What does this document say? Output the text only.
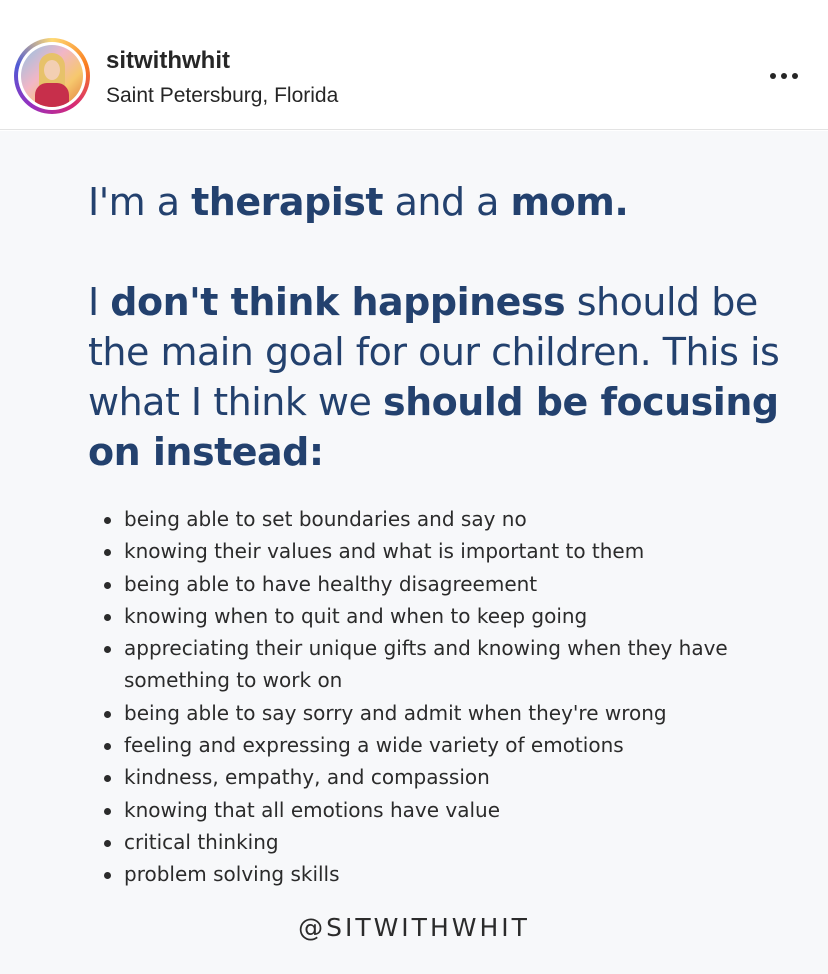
sitwithwhit
Saint Petersburg, Florida
I'm a therapist and a mom.
I don't think happiness should be the main goal for our children. This is what I think we should be focusing on instead:
being able to set boundaries and say no
knowing their values and what is important to them
being able to have healthy disagreement
knowing when to quit and when to keep going
appreciating their unique gifts and knowing when they have something to work on
being able to say sorry and admit when they're wrong
feeling and expressing a wide variety of emotions
kindness, empathy, and compassion
knowing that all emotions have value
critical thinking
problem solving skills
@SITWITHWHIT
